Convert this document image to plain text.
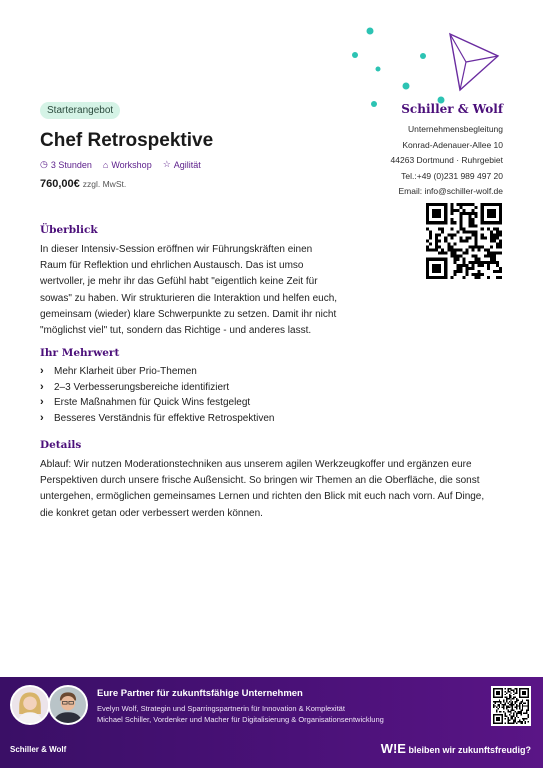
Starterangebot
Chef Retrospektive
◷ 3 Stunden ⌂ Workshop ☆ Agilität
760,00€ zzgl. MwSt.
Schiller & Wolf
Unternehmensbegleitung
Konrad-Adenauer-Allee 10
44263 Dortmund · Ruhrgebiet
Tel.:+49 (0)231 989 497 20
Email: info@schiller-wolf.de
Überblick
In dieser Intensiv-Session eröffnen wir Führungskräften einen
Raum für Reflektion und ehrlichen Austausch. Das ist umso
wertvoller, je mehr ihr das Gefühl habt "eigentlich keine Zeit für
sowas" zu haben. Wir strukturieren die Interaktion und helfen euch,
gemeinsam (wieder) klare Schwerpunkte zu setzen. Damit ihr nicht
"möglichst viel" tut, sondern das Richtige - und anderes lasst.
Ihr Mehrwert
›	Mehr Klarheit über Prio-Themen
›	2–3 Verbesserungsbereiche identifiziert
›	Erste Maßnahmen für Quick Wins festgelegt
›	Besseres Verständnis für effektive Retrospektiven
Details
Ablauf: Wir nutzen Moderationstechniken aus unserem agilen Werkzeugkoffer und ergänzen eure
Perspektiven durch unsere frische Außensicht. So bringen wir Themen an die Oberfläche, die sonst
untergehen, ermöglichen gemeinsames Lernen und richten den Blick mit euch nach vorn. Auf Dinge,
die konkret getan oder verbessert werden können.
Eure Partner für zukunftsfähige Unternehmen
Evelyn Wolf, Strategin und Sparringspartnerin für Innovation & Komplexität
Michael Schiller, Vordenker und Macher für Digitalisierung & Organisationsentwicklung
Schiller & Wolf	W!E bleiben wir zukunftsfreudig?
